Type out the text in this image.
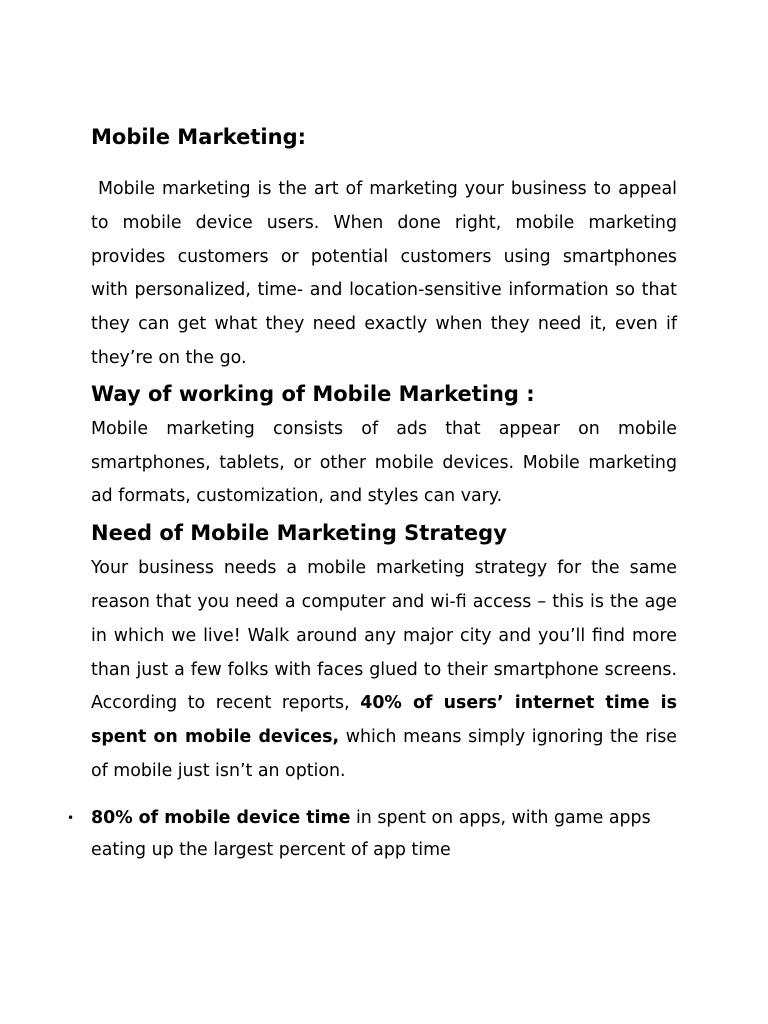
Mobile Marketing:

Mobile marketing is the art of marketing your business to appeal to mobile device users. When done right, mobile marketing provides customers or potential customers using smartphones with personalized, time- and location-sensitive information so that they can get what they need exactly when they need it, even if they’re on the go.

Way of working of Mobile Marketing :

Mobile marketing consists of ads that appear on mobile smartphones, tablets, or other mobile devices. Mobile marketing ad formats, customization, and styles can vary.

Need of Mobile Marketing Strategy

Your business needs a mobile marketing strategy for the same reason that you need a computer and wi-fi access – this is the age in which we live! Walk around any major city and you’ll find more than just a few folks with faces glued to their smartphone screens. According to recent reports, 40% of users’ internet time is spent on mobile devices, which means simply ignoring the rise of mobile just isn’t an option.

• 80% of mobile device time in spent on apps, with game apps eating up the largest percent of app time
